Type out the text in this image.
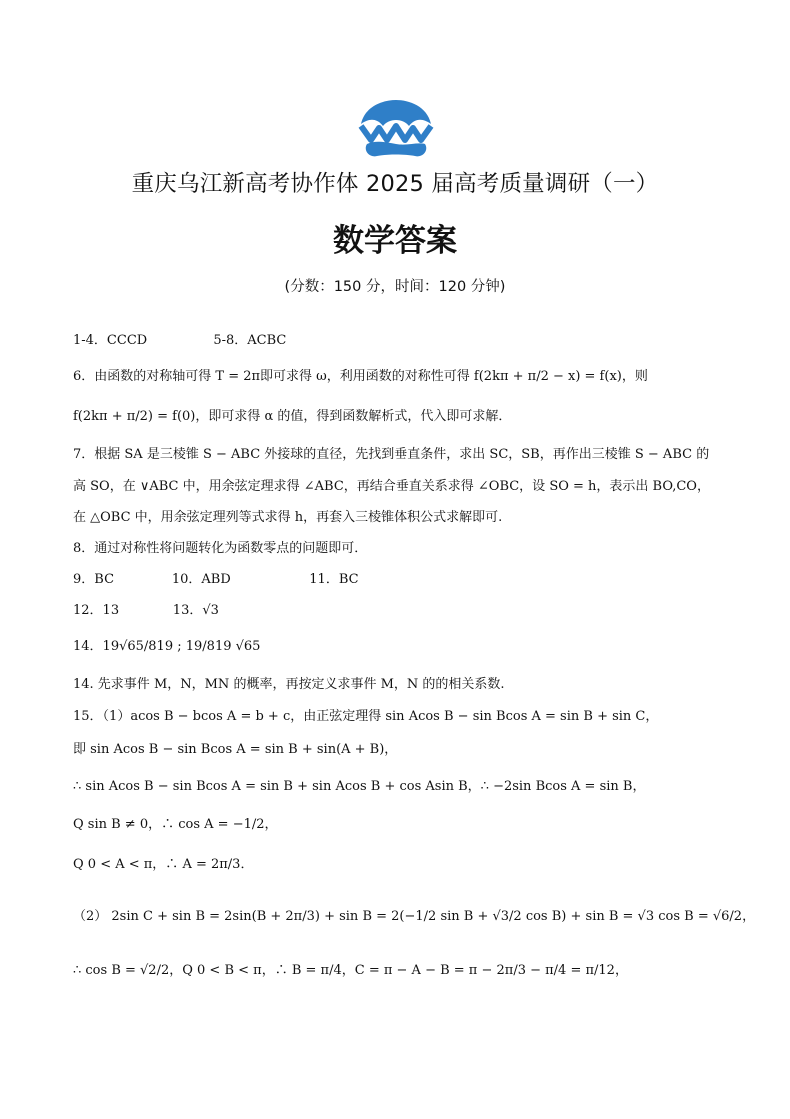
重庆乌江新高考协作体 2025 届高考质量调研（一）
数学答案
(分数：150 分，时间：120 分钟)
1-4．CCCD                5-8．ACBC
6．由函数的对称轴可得 T = 2π即可求得 ω，利用函数的对称性可得 f(2kπ + π/2 − x) = f(x)，则
f(2kπ + π/2) = f(0)，即可求得 α 的值，得到函数解析式，代入即可求解．
7．根据 SA 是三棱锥 S − ABC 外接球的直径，先找到垂直条件，求出 SC，SB，再作出三棱锥 S − ABC 的
高 SO，在 ∨ABC 中，用余弦定理求得 ∠ABC，再结合垂直关系求得 ∠OBC，设 SO = h，表示出 BO,CO，
在 △OBC 中，用余弦定理列等式求得 h，再套入三棱锥体积公式求解即可.
8．通过对称性将问题转化为函数零点的问题即可．
9．BC              10．ABD                   11．BC
12．13             13．√3
14．19√65/819 ; 19/819 √65
14. 先求事件 M，N，MN 的概率，再按定义求事件 M，N 的的相关系数.
15．（1）acos B − bcos A = b + c，由正弦定理得 sin Acos B − sin Bcos A = sin B + sin C，
即 sin Acos B − sin Bcos A = sin B + sin(A + B)，
∴ sin Acos B − sin Bcos A = sin B + sin Acos B + cos Asin B，∴ −2sin Bcos A = sin B，
Q sin B ≠ 0，∴ cos A = −1/2，
Q 0 < A < π，∴ A = 2π/3．
（2） 2sin C + sin B = 2sin(B + 2π/3) + sin B = 2(−1/2 sin B + √3/2 cos B) + sin B = √3 cos B = √6/2，
∴ cos B = √2/2，Q 0 < B < π，∴ B = π/4，C = π − A − B = π − 2π/3 − π/4 = π/12，
